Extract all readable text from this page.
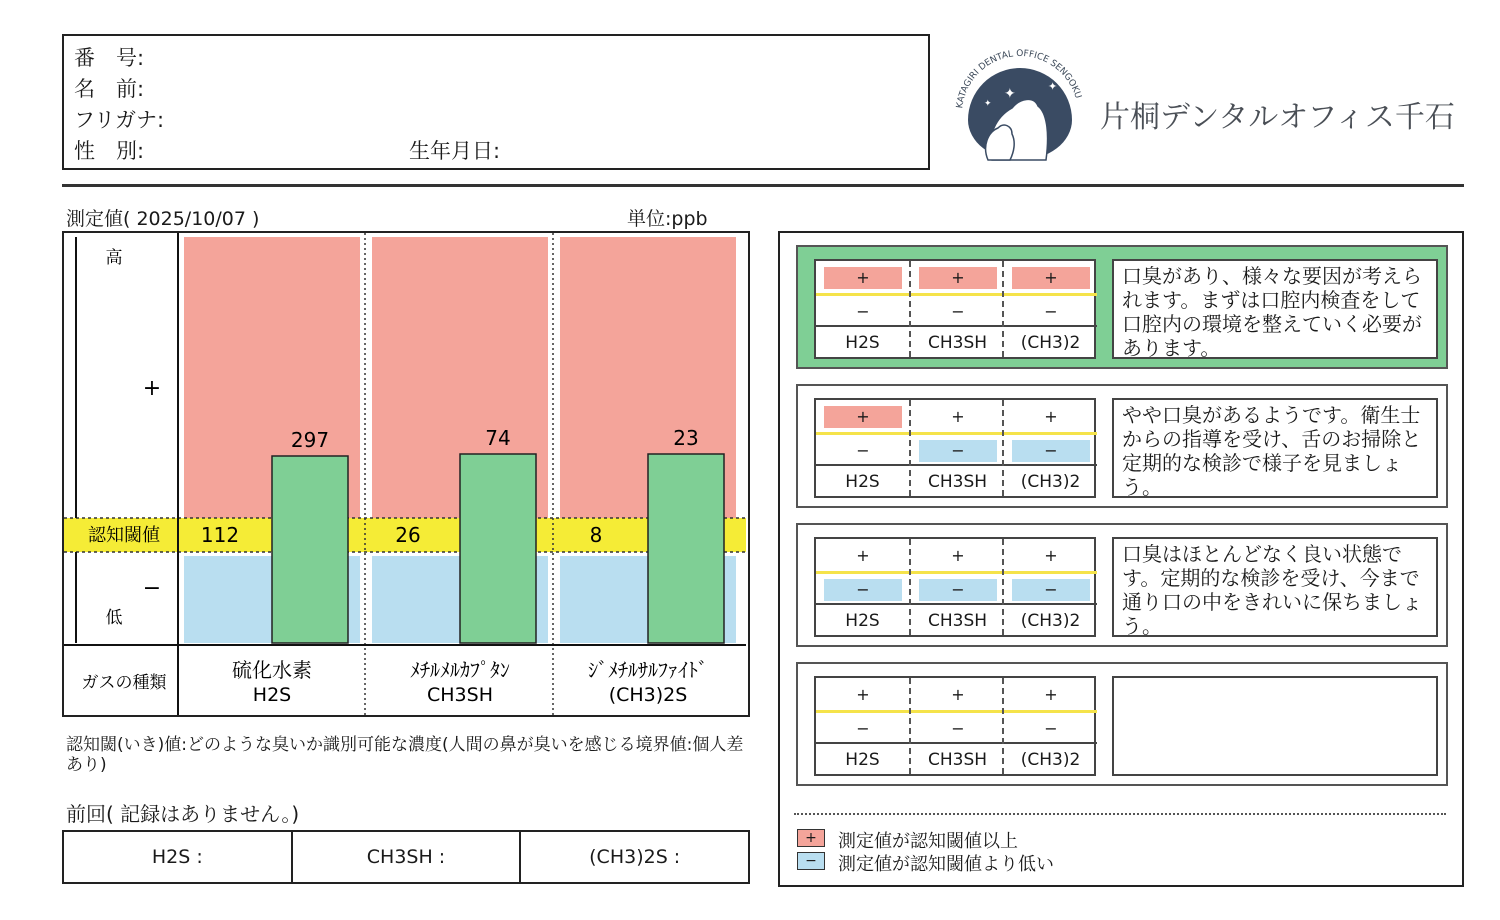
番　号:
名　前:
フリガナ:
性　別:	生年月日:
KATAGIRI DENTAL OFFICE SENGOKU
✦	✦
✦	片桐デンタルオフィス千石
測定値( 2025/10/07 )	単位:ppb
高
+
認知閾値
−
低
ガスの種類
297
112
硫化水素
H2S
74
26
ﾒﾁﾙﾒﾙｶﾌﾟﾀﾝ
CH3SH
23
8
ｼﾞﾒﾁﾙｻﾙﾌｧｲﾄﾞ
(CH3)2S
認知閾(いき)値:どのような臭いか識別可能な濃度(人間の鼻が臭いを感じる境界値:個人差あり)
前回( 記録はありません。)
H2S :	CH3SH :	(CH3)2S :
+
−
H2S
+
−
CH3SH
+
−
(CH3)2
口臭があり、様々な要因が考えられます。まずは口腔内検査をして口腔内の環境を整えていく必要があります。
+
−
H2S
+
−
CH3SH
+
−
(CH3)2
やや口臭があるようです。衛生士からの指導を受け、舌のお掃除と定期的な検診で様子を見ましょう。
+
−
H2S
+
−
CH3SH
+
−
(CH3)2
口臭はほとんどなく良い状態です。定期的な検診を受け、今まで通り口の中をきれいに保ちましょう。
+
−
H2S
+
−
CH3SH
+
−
(CH3)2
+	測定値が認知閾値以上
−	測定値が認知閾値より低い
